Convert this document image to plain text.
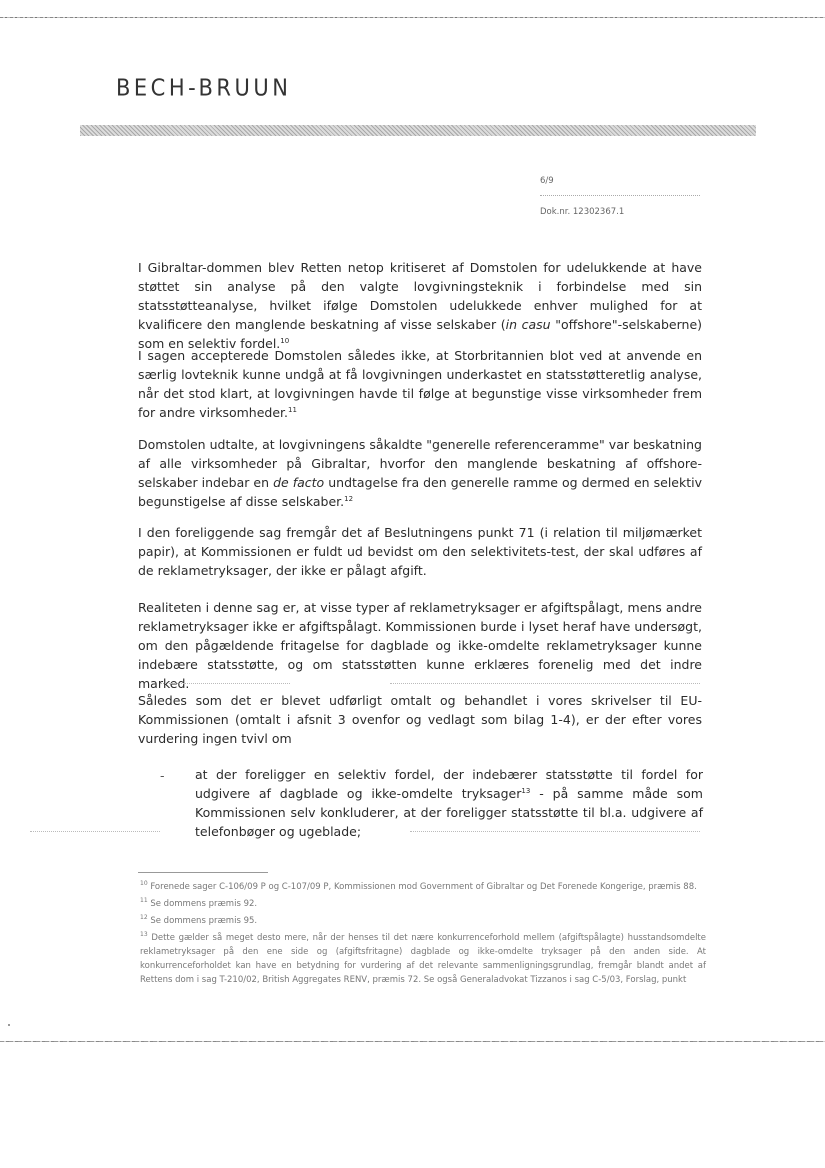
BECH-BRUUN
6/9
Dok.nr. 12302367.1
I Gibraltar-dommen blev Retten netop kritiseret af Domstolen for udelukkende at have støttet sin analyse på den valgte lovgivningsteknik i forbindelse med sin statsstøtteanalyse, hvilket ifølge Domstolen udelukkede enhver mulighed for at kvalificere den manglende beskatning af visse selskaber (in casu "offshore"-selskaberne) som en selektiv fordel.$^{10}$
I sagen accepterede Domstolen således ikke, at Storbritannien blot ved at anvende en særlig lovteknik kunne undgå at få lovgivningen underkastet en statsstøtteretlig analyse, når det stod klart, at lovgivningen havde til følge at begunstige visse virksomheder frem for andre virksomheder.$^{11}$
Domstolen udtalte, at lovgivningens såkaldte "generelle referenceramme" var beskatning af alle virksomheder på Gibraltar, hvorfor den manglende beskatning af offshore-selskaber indebar en de facto undtagelse fra den generelle ramme og dermed en selektiv begunstigelse af disse selskaber.$^{12}$
I den foreliggende sag fremgår det af Beslutningens punkt 71 (i relation til miljømærket papir), at Kommissionen er fuldt ud bevidst om den selektivitets-test, der skal udføres af de reklametryksager, der ikke er pålagt afgift.
Realiteten i denne sag er, at visse typer af reklametryksager er afgiftspålagt, mens andre reklametryksager ikke er afgiftspålagt. Kommissionen burde i lyset heraf have undersøgt, om den pågældende fritagelse for dagblade og ikke-omdelte reklametryksager kunne indebære statsstøtte, og om statsstøtten kunne erklæres forenelig med det indre marked.
Således som det er blevet udførligt omtalt og behandlet i vores skrivelser til EU-Kommissionen (omtalt i afsnit 3 ovenfor og vedlagt som bilag 1-4), er der efter vores vurdering ingen tvivl om
- at der foreligger en selektiv fordel, der indebærer statsstøtte til fordel for udgivere af dagblade og ikke-omdelte tryksager$^{13}$ - på samme måde som Kommissionen selv konkluderer, at der foreligger statsstøtte til bl.a. udgivere af telefonbøger og ugeblade;

$^{10}$ Forenede sager C-106/09 P og C-107/09 P, Kommissionen mod Government of Gibraltar og Det Forenede Kongerige, præmis 88.

$^{11}$ Se dommens præmis 92.

$^{12}$ Se dommens præmis 95.

$^{13}$ Dette gælder så meget desto mere, når der henses til det nære konkurrenceforhold mellem (afgiftspålagte) husstandsomdelte reklametryksager på den ene side og (afgiftsfritagne) dagblade og ikke-omdelte tryksager på den anden side. At konkurrenceforholdet kan have en betydning for vurdering af det relevante sammenligningsgrundlag, fremgår blandt andet af Rettens dom i sag T-210/02, British Aggregates RENV, præmis 72. Se også Generaladvokat Tizzanos i sag C-5/03, Forslag, punkt
